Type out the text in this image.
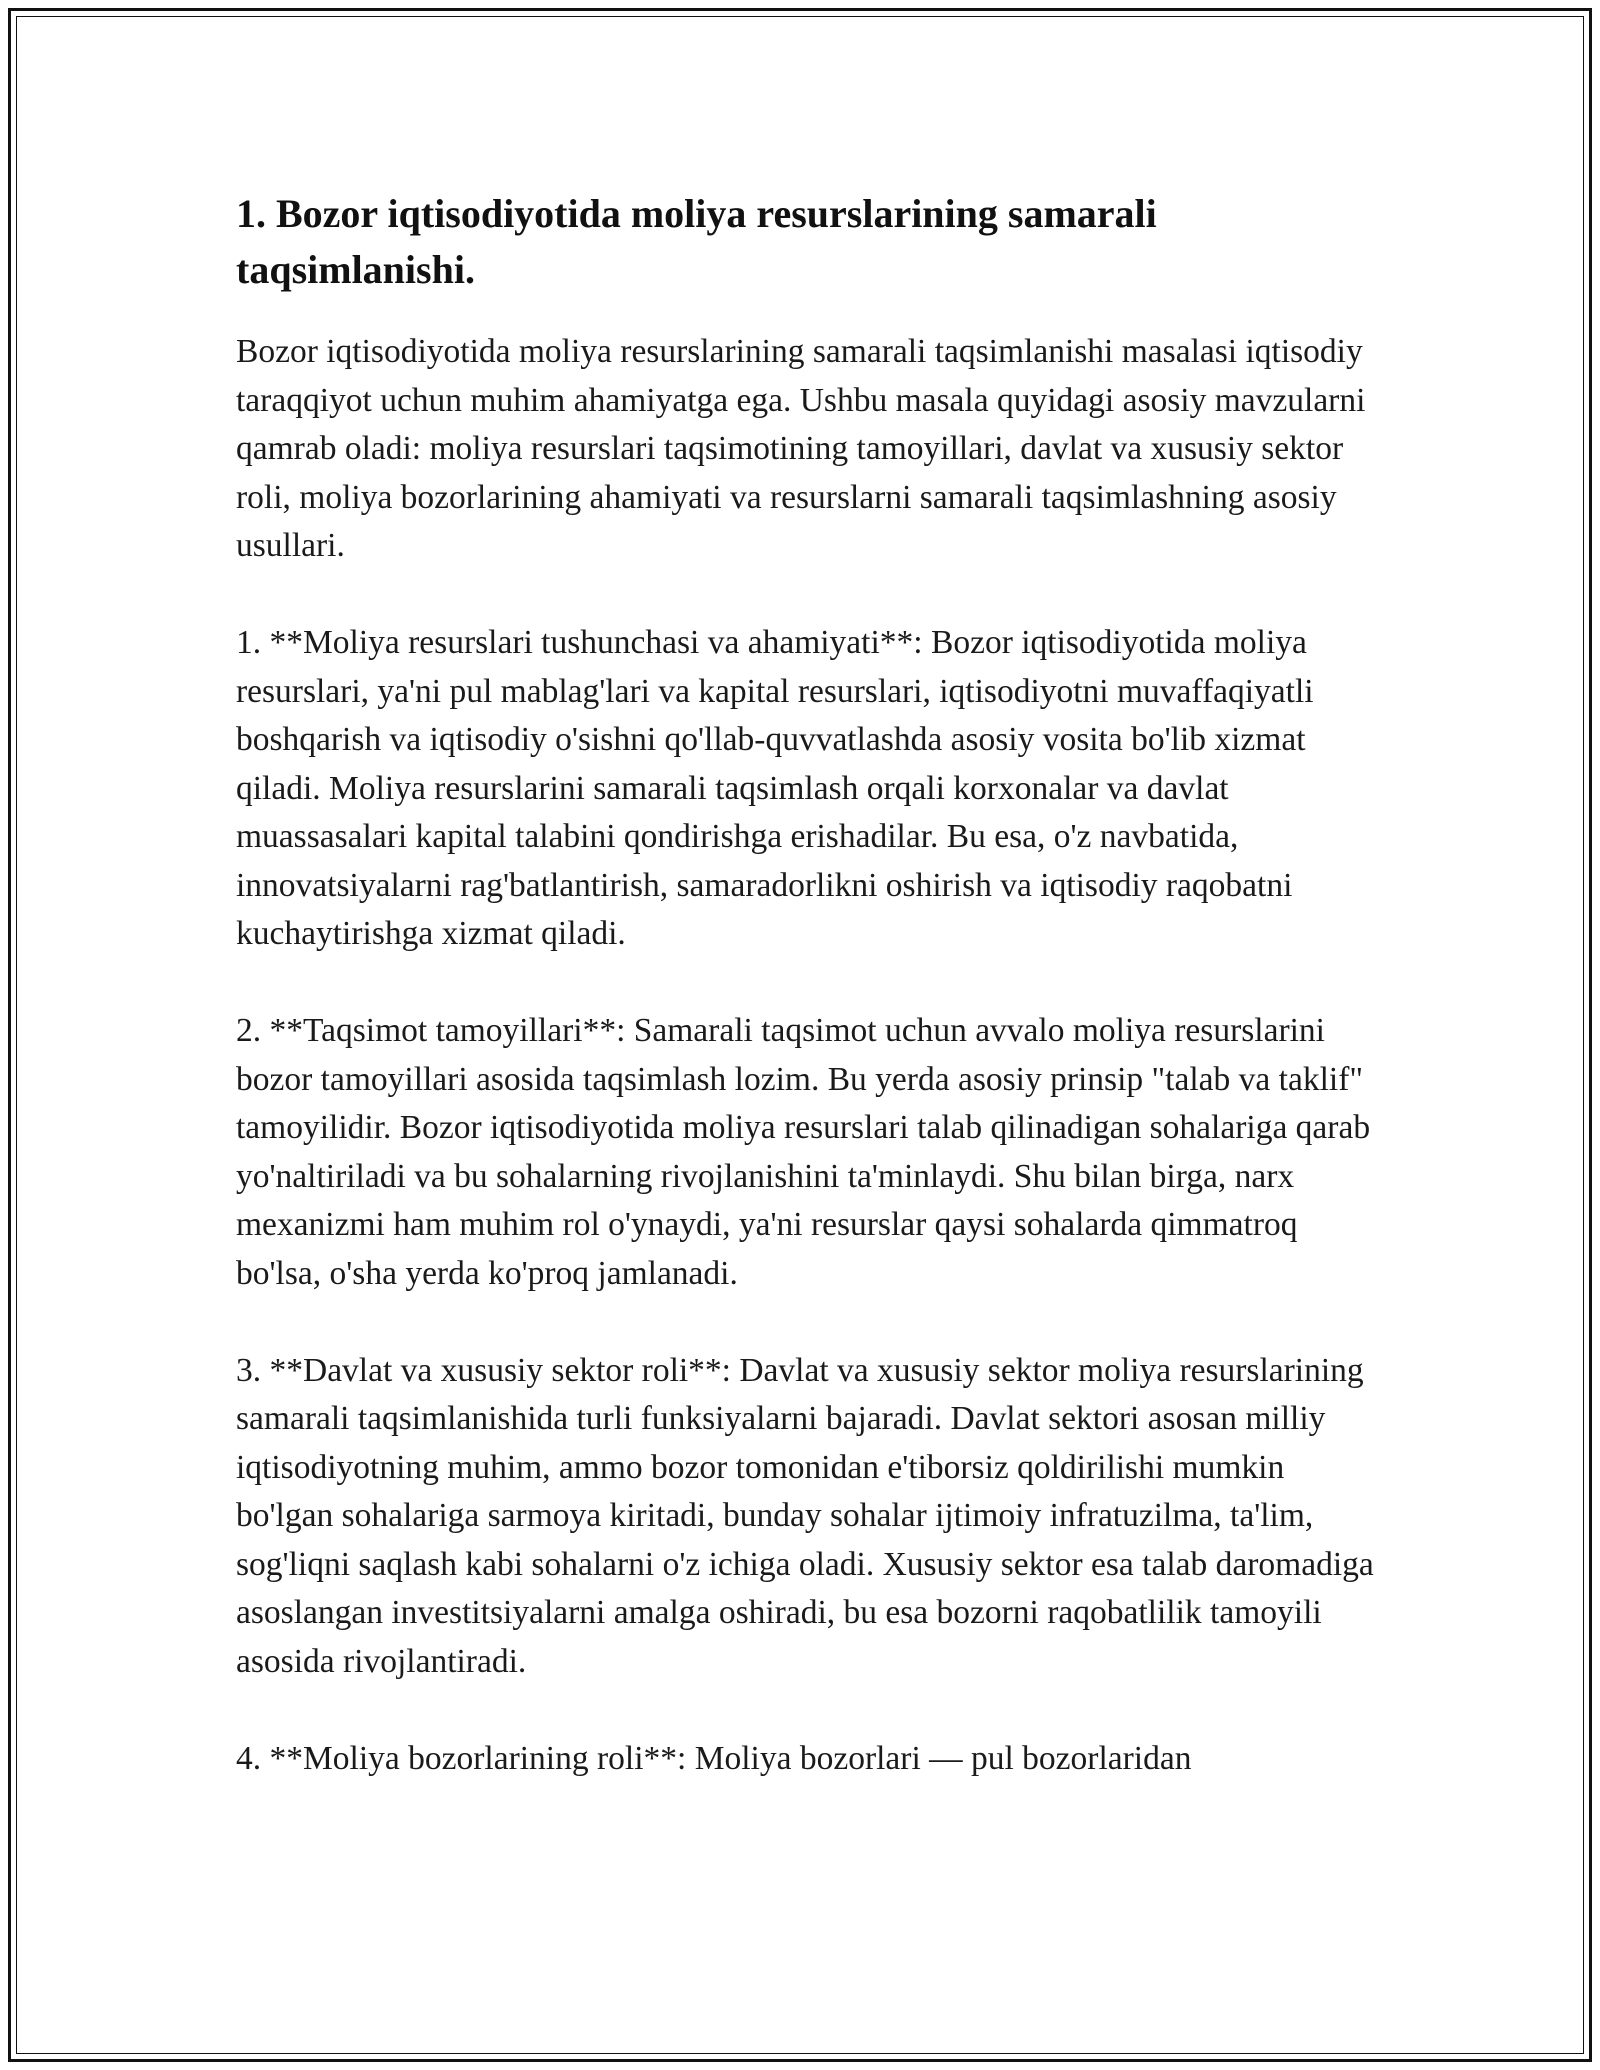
1. Bozor iqtisodiyotida moliya resurslarining samarali taqsimlanishi.

Bozor iqtisodiyotida moliya resurslarining samarali taqsimlanishi masalasi iqtisodiy taraqqiyot uchun muhim ahamiyatga ega. Ushbu masala quyidagi asosiy mavzularni qamrab oladi: moliya resurslari taqsimotining tamoyillari, davlat va xususiy sektor roli, moliya bozorlarining ahamiyati va resurslarni samarali taqsimlashning asosiy usullari.

1. **Moliya resurslari tushunchasi va ahamiyati**: Bozor iqtisodiyotida moliya resurslari, ya'ni pul mablag'lari va kapital resurslari, iqtisodiyotni muvaffaqiyatli boshqarish va iqtisodiy o'sishni qo'llab-quvvatlashda asosiy vosita bo'lib xizmat qiladi. Moliya resurslarini samarali taqsimlash orqali korxonalar va davlat muassasalari kapital talabini qondirishga erishadilar. Bu esa, o'z navbatida, innovatsiyalarni rag'batlantirish, samaradorlikni oshirish va iqtisodiy raqobatni kuchaytirishga xizmat qiladi.

2. **Taqsimot tamoyillari**: Samarali taqsimot uchun avvalo moliya resurslarini bozor tamoyillari asosida taqsimlash lozim. Bu yerda asosiy prinsip "talab va taklif" tamoyilidir. Bozor iqtisodiyotida moliya resurslari talab qilinadigan sohalariga qarab yo'naltiriladi va bu sohalarning rivojlanishini ta'minlaydi. Shu bilan birga, narx mexanizmi ham muhim rol o'ynaydi, ya'ni resurslar qaysi sohalarda qimmatroq bo'lsa, o'sha yerda ko'proq jamlanadi.

3. **Davlat va xususiy sektor roli**: Davlat va xususiy sektor moliya resurslarining samarali taqsimlanishida turli funksiyalarni bajaradi. Davlat sektori asosan milliy iqtisodiyotning muhim, ammo bozor tomonidan e'tiborsiz qoldirilishi mumkin bo'lgan sohalariga sarmoya kiritadi, bunday sohalar ijtimoiy infratuzilma, ta'lim, sog'liqni saqlash kabi sohalarni o'z ichiga oladi. Xususiy sektor esa talab daromadiga asoslangan investitsiyalarni amalga oshiradi, bu esa bozorni raqobatlilik tamoyili asosida rivojlantiradi.

4. **Moliya bozorlarining roli**: Moliya bozorlari — pul bozorlaridan
